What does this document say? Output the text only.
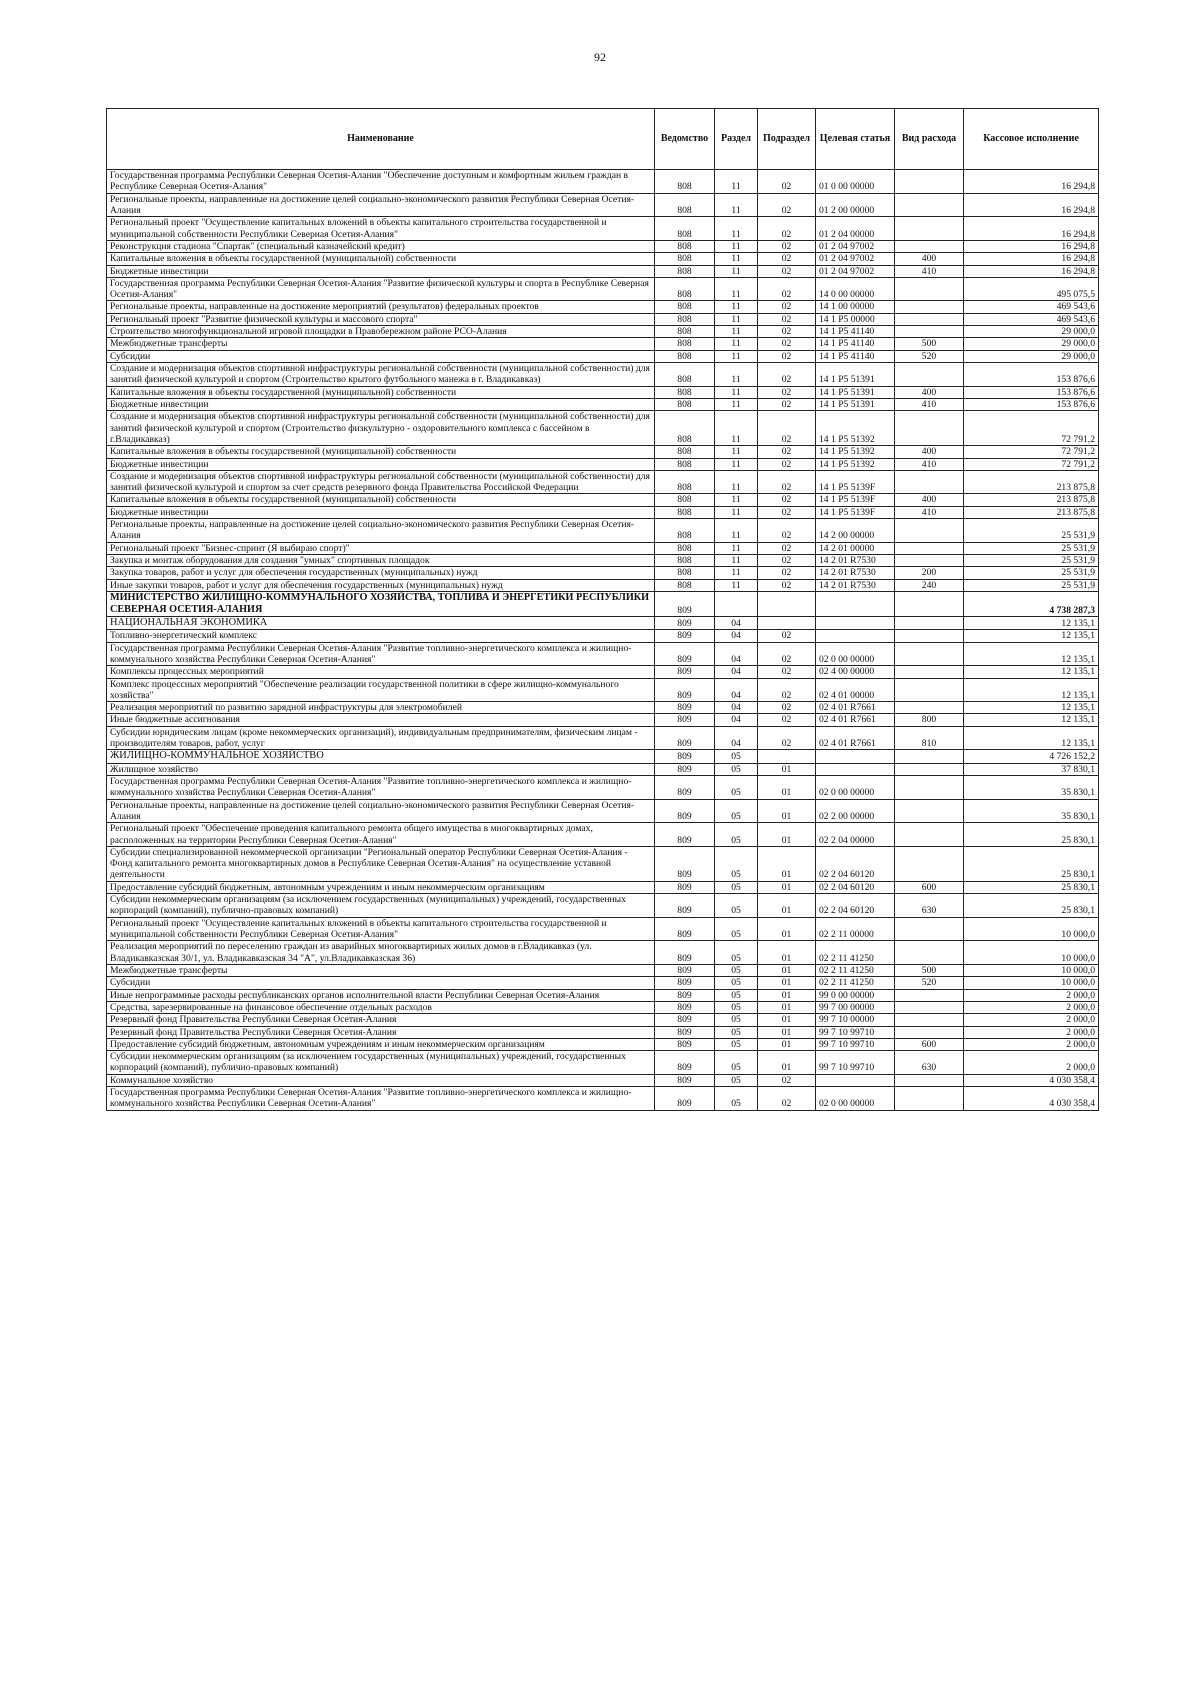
92
Наименование	Ведомство	Раздел	Подраздел	Целевая статья	Вид расхода	Кассовое исполнение
Государственная программа Республики Северная Осетия-Алания "Обеспечение доступным и комфортным жильем граждан в Республике Северная Осетия-Алания"	808	11	02	01 0 00 00000		16 294,8
Региональные проекты, направленные на достижение целей социально-экономического развития Республики Северная Осетия-Алания	808	11	02	01 2 00 00000		16 294,8
Региональный проект "Осуществление капитальных вложений в объекты капитального строительства государственной и муниципальной собственности Республики Северная Осетия-Алания"	808	11	02	01 2 04 00000		16 294,8
Реконструкция стадиона "Спартак" (специальный казначейский кредит)	808	11	02	01 2 04 97002		16 294,8
Капитальные вложения в объекты государственной (муниципальной) собственности	808	11	02	01 2 04 97002	400	16 294,8
Бюджетные инвестиции	808	11	02	01 2 04 97002	410	16 294,8
Государственная программа Республики Северная Осетия-Алания "Развитие физической культуры и спорта в Республике Северная Осетия-Алания"	808	11	02	14 0 00 00000		495 075,5
Региональные проекты, направленные на достижение мероприятий (результатов) федеральных проектов	808	11	02	14 1 00 00000		469 543,6
Региональный проект "Развитие физической культуры и массового спорта"	808	11	02	14 1 P5 00000		469 543,6
Строительство многофункциональной игровой площадки в Правобережном районе РСО-Алания	808	11	02	14 1 P5 41140		29 000,0
Межбюджетные трансферты	808	11	02	14 1 P5 41140	500	29 000,0
Субсидии	808	11	02	14 1 P5 41140	520	29 000,0
Создание и модернизация объектов спортивной инфраструктуры региональной собственности (муниципальной собственности) для занятий физической культурой и спортом (Строительство крытого футбольного манежа в г. Владикавказ)	808	11	02	14 1 P5 51391		153 876,6
Капитальные вложения в объекты государственной (муниципальной) собственности	808	11	02	14 1 P5 51391	400	153 876,6
Бюджетные инвестиции	808	11	02	14 1 P5 51391	410	153 876,6
Создание и модернизация объектов спортивной инфраструктуры региональной собственности (муниципальной собственности) для занятий физической культурой и спортом (Строительство физкультурно - оздоровительного комплекса с бассейном в г.Владикавказ)	808	11	02	14 1 P5 51392		72 791,2
Капитальные вложения в объекты государственной (муниципальной) собственности	808	11	02	14 1 P5 51392	400	72 791,2
Бюджетные инвестиции	808	11	02	14 1 P5 51392	410	72 791,2
Создание и модернизация объектов спортивной инфраструктуры региональной собственности (муниципальной собственности) для занятий физической культурой и спортом за счет средств резервного фонда Правительства Российской Федерации	808	11	02	14 1 P5 5139F		213 875,8
Капитальные вложения в объекты государственной (муниципальной) собственности	808	11	02	14 1 P5 5139F	400	213 875,8
Бюджетные инвестиции	808	11	02	14 1 P5 5139F	410	213 875,8
Региональные проекты, направленные на достижение целей социально-экономического развития Республики Северная Осетия-Алания	808	11	02	14 2 00 00000		25 531,9
Региональный проект "Бизнес-спринт (Я выбираю спорт)"	808	11	02	14 2 01 00000		25 531,9
Закупка и монтаж оборудования для создания "умных" спортивных площадок	808	11	02	14 2 01 R7530		25 531,9
Закупка товаров, работ и услуг для обеспечения государственных (муниципальных) нужд	808	11	02	14 2 01 R7530	200	25 531,9
Иные закупки товаров, работ и услуг для обеспечения государственных (муниципальных) нужд	808	11	02	14 2 01 R7530	240	25 531,9
МИНИСТЕРСТВО ЖИЛИЩНО-КОММУНАЛЬНОГО ХОЗЯЙСТВА, ТОПЛИВА И ЭНЕРГЕТИКИ РЕСПУБЛИКИ СЕВЕРНАЯ ОСЕТИЯ-АЛАНИЯ	809					4 738 287,3
НАЦИОНАЛЬНАЯ ЭКОНОМИКА	809	04				12 135,1
Топливно-энергетический комплекс	809	04	02			12 135,1
Государственная программа Республики Северная Осетия-Алания "Развитие топливно-энергетического комплекса и жилищно-коммунального хозяйства Республики Северная Осетия-Алания"	809	04	02	02 0 00 00000		12 135,1
Комплексы процессных мероприятий	809	04	02	02 4 00 00000		12 135,1
Комплекс процессных мероприятий "Обеспечение реализации государственной политики в сфере жилищно-коммунального хозяйства"	809	04	02	02 4 01 00000		12 135,1
Реализация мероприятий по развитию зарядной инфраструктуры для электромобилей	809	04	02	02 4 01 R7661		12 135,1
Иные бюджетные ассигнования	809	04	02	02 4 01 R7661	800	12 135,1
Субсидии юридическим лицам (кроме некоммерческих организаций), индивидуальным предпринимателям, физическим лицам - производителям товаров, работ, услуг	809	04	02	02 4 01 R7661	810	12 135,1
ЖИЛИЩНО-КОММУНАЛЬНОЕ ХОЗЯЙСТВО	809	05				4 726 152,2
Жилищное хозяйство	809	05	01			37 830,1
Государственная программа Республики Северная Осетия-Алания "Развитие топливно-энергетического комплекса и жилищно-коммунального хозяйства Республики Северная Осетия-Алания"	809	05	01	02 0 00 00000		35 830,1
Региональные проекты, направленные на достижение целей социально-экономического развития Республики Северная Осетия-Алания	809	05	01	02 2 00 00000		35 830,1
Региональный проект "Обеспечение проведения капитального ремонта общего имущества в многоквартирных домах, расположенных на территории Республики Северная Осетия-Алания"	809	05	01	02 2 04 00000		25 830,1
Субсидии специализированной некоммерческой организации "Региональный оператор Республики Северная Осетия-Алания - Фонд капитального ремонта многоквартирных домов в Республике Северная Осетия-Алания" на осуществление уставной деятельности	809	05	01	02 2 04 60120		25 830,1
Предоставление субсидий бюджетным, автономным учреждениям и иным некоммерческим организациям	809	05	01	02 2 04 60120	600	25 830,1
Субсидии некоммерческим организациям (за исключением государственных (муниципальных) учреждений, государственных корпораций (компаний), публично-правовых компаний)	809	05	01	02 2 04 60120	630	25 830,1
Региональный проект "Осуществление капитальных вложений в объекты капитального строительства государственной и муниципальной собственности Республики Северная Осетия-Алания"	809	05	01	02 2 11 00000		10 000,0
Реализация мероприятий по переселению граждан из аварийных многоквартирных жилых домов в г.Владикавказ (ул. Владикавказская 30/1, ул. Владикавказская 34 "А", ул.Владикавказская 36)	809	05	01	02 2 11 41250		10 000,0
Межбюджетные трансферты	809	05	01	02 2 11 41250	500	10 000,0
Субсидии	809	05	01	02 2 11 41250	520	10 000,0
Иные непрограммные расходы республиканских органов исполнительной власти Республики Северная Осетия-Алания	809	05	01	99 0 00 00000		2 000,0
Средства, зарезервированные на финансовое обеспечение отдельных расходов	809	05	01	99 7 00 00000		2 000,0
Резервный фонд Правительства Республики Северная Осетия-Алания	809	05	01	99 7 10 00000		2 000,0
Резервный фонд Правительства Республики Северная Осетия-Алания	809	05	01	99 7 10 99710		2 000,0
Предоставление субсидий бюджетным, автономным учреждениям и иным некоммерческим организациям	809	05	01	99 7 10 99710	600	2 000,0
Субсидии некоммерческим организациям (за исключением государственных (муниципальных) учреждений, государственных корпораций (компаний), публично-правовых компаний)	809	05	01	99 7 10 99710	630	2 000,0
Коммунальное хозяйство	809	05	02			4 030 358,4
Государственная программа Республики Северная Осетия-Алания "Развитие топливно-энергетического комплекса и жилищно-коммунального хозяйства Республики Северная Осетия-Алания"	809	05	02	02 0 00 00000		4 030 358,4
